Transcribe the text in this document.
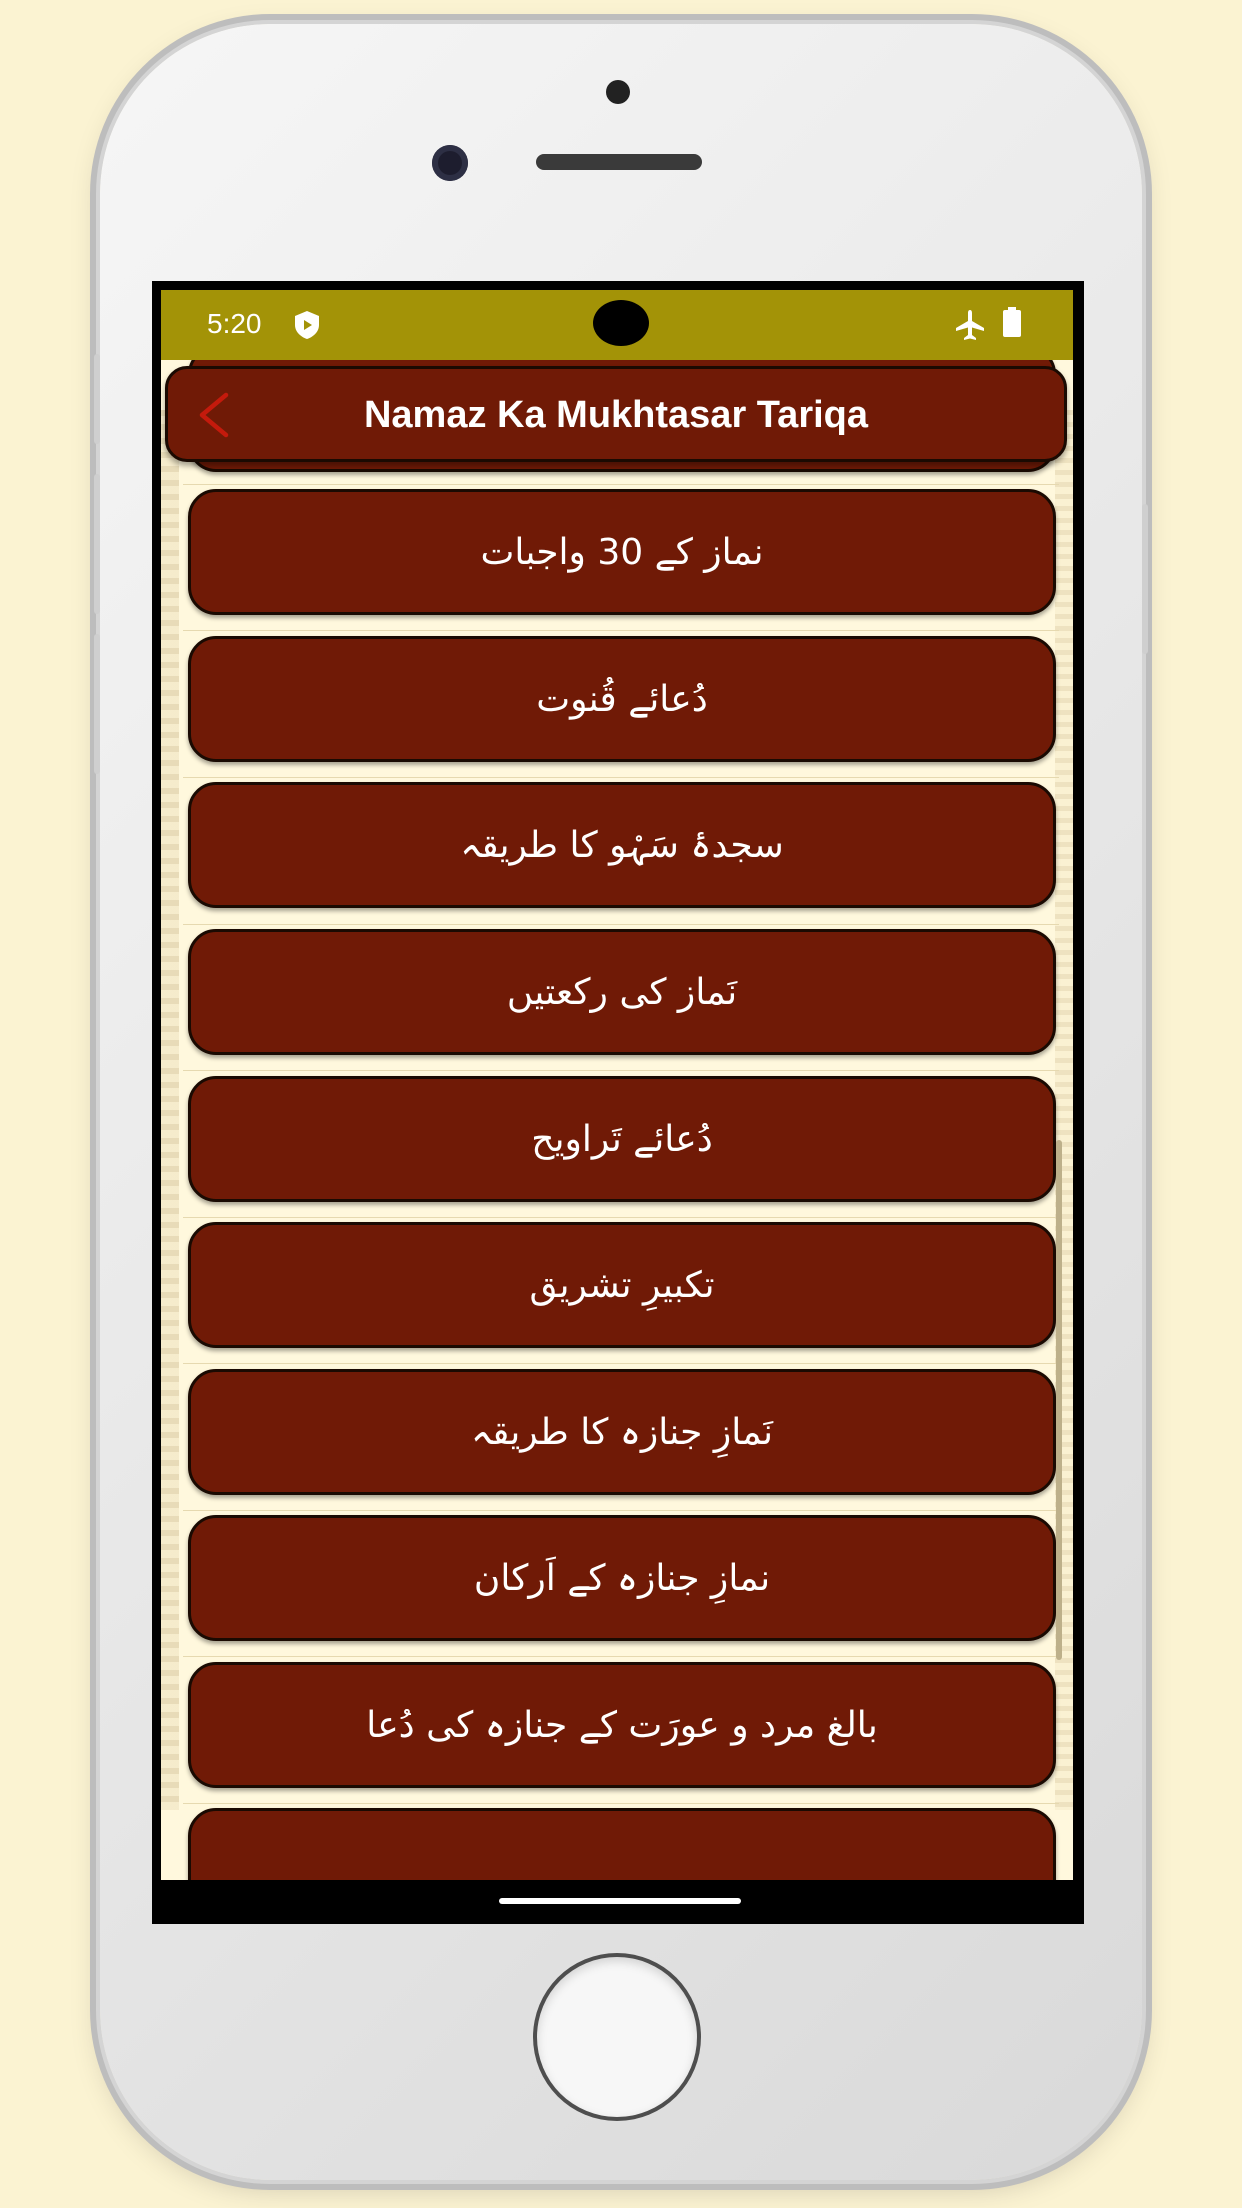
نماز کے 30 واجبات
دُعائے قُنوت
سجدۂ سَہْو کا طریقہ
نَماز کی رکعتیں
دُعائے تَراویح
تکبیرِ تشریق
نَمازِ جنازہ کا طریقہ
نمازِ جنازہ کے اَرکان
بالغ مرد و عورَت کے جنازہ کی دُعا
Namaz Ka Mukhtasar Tariqa
5:20
